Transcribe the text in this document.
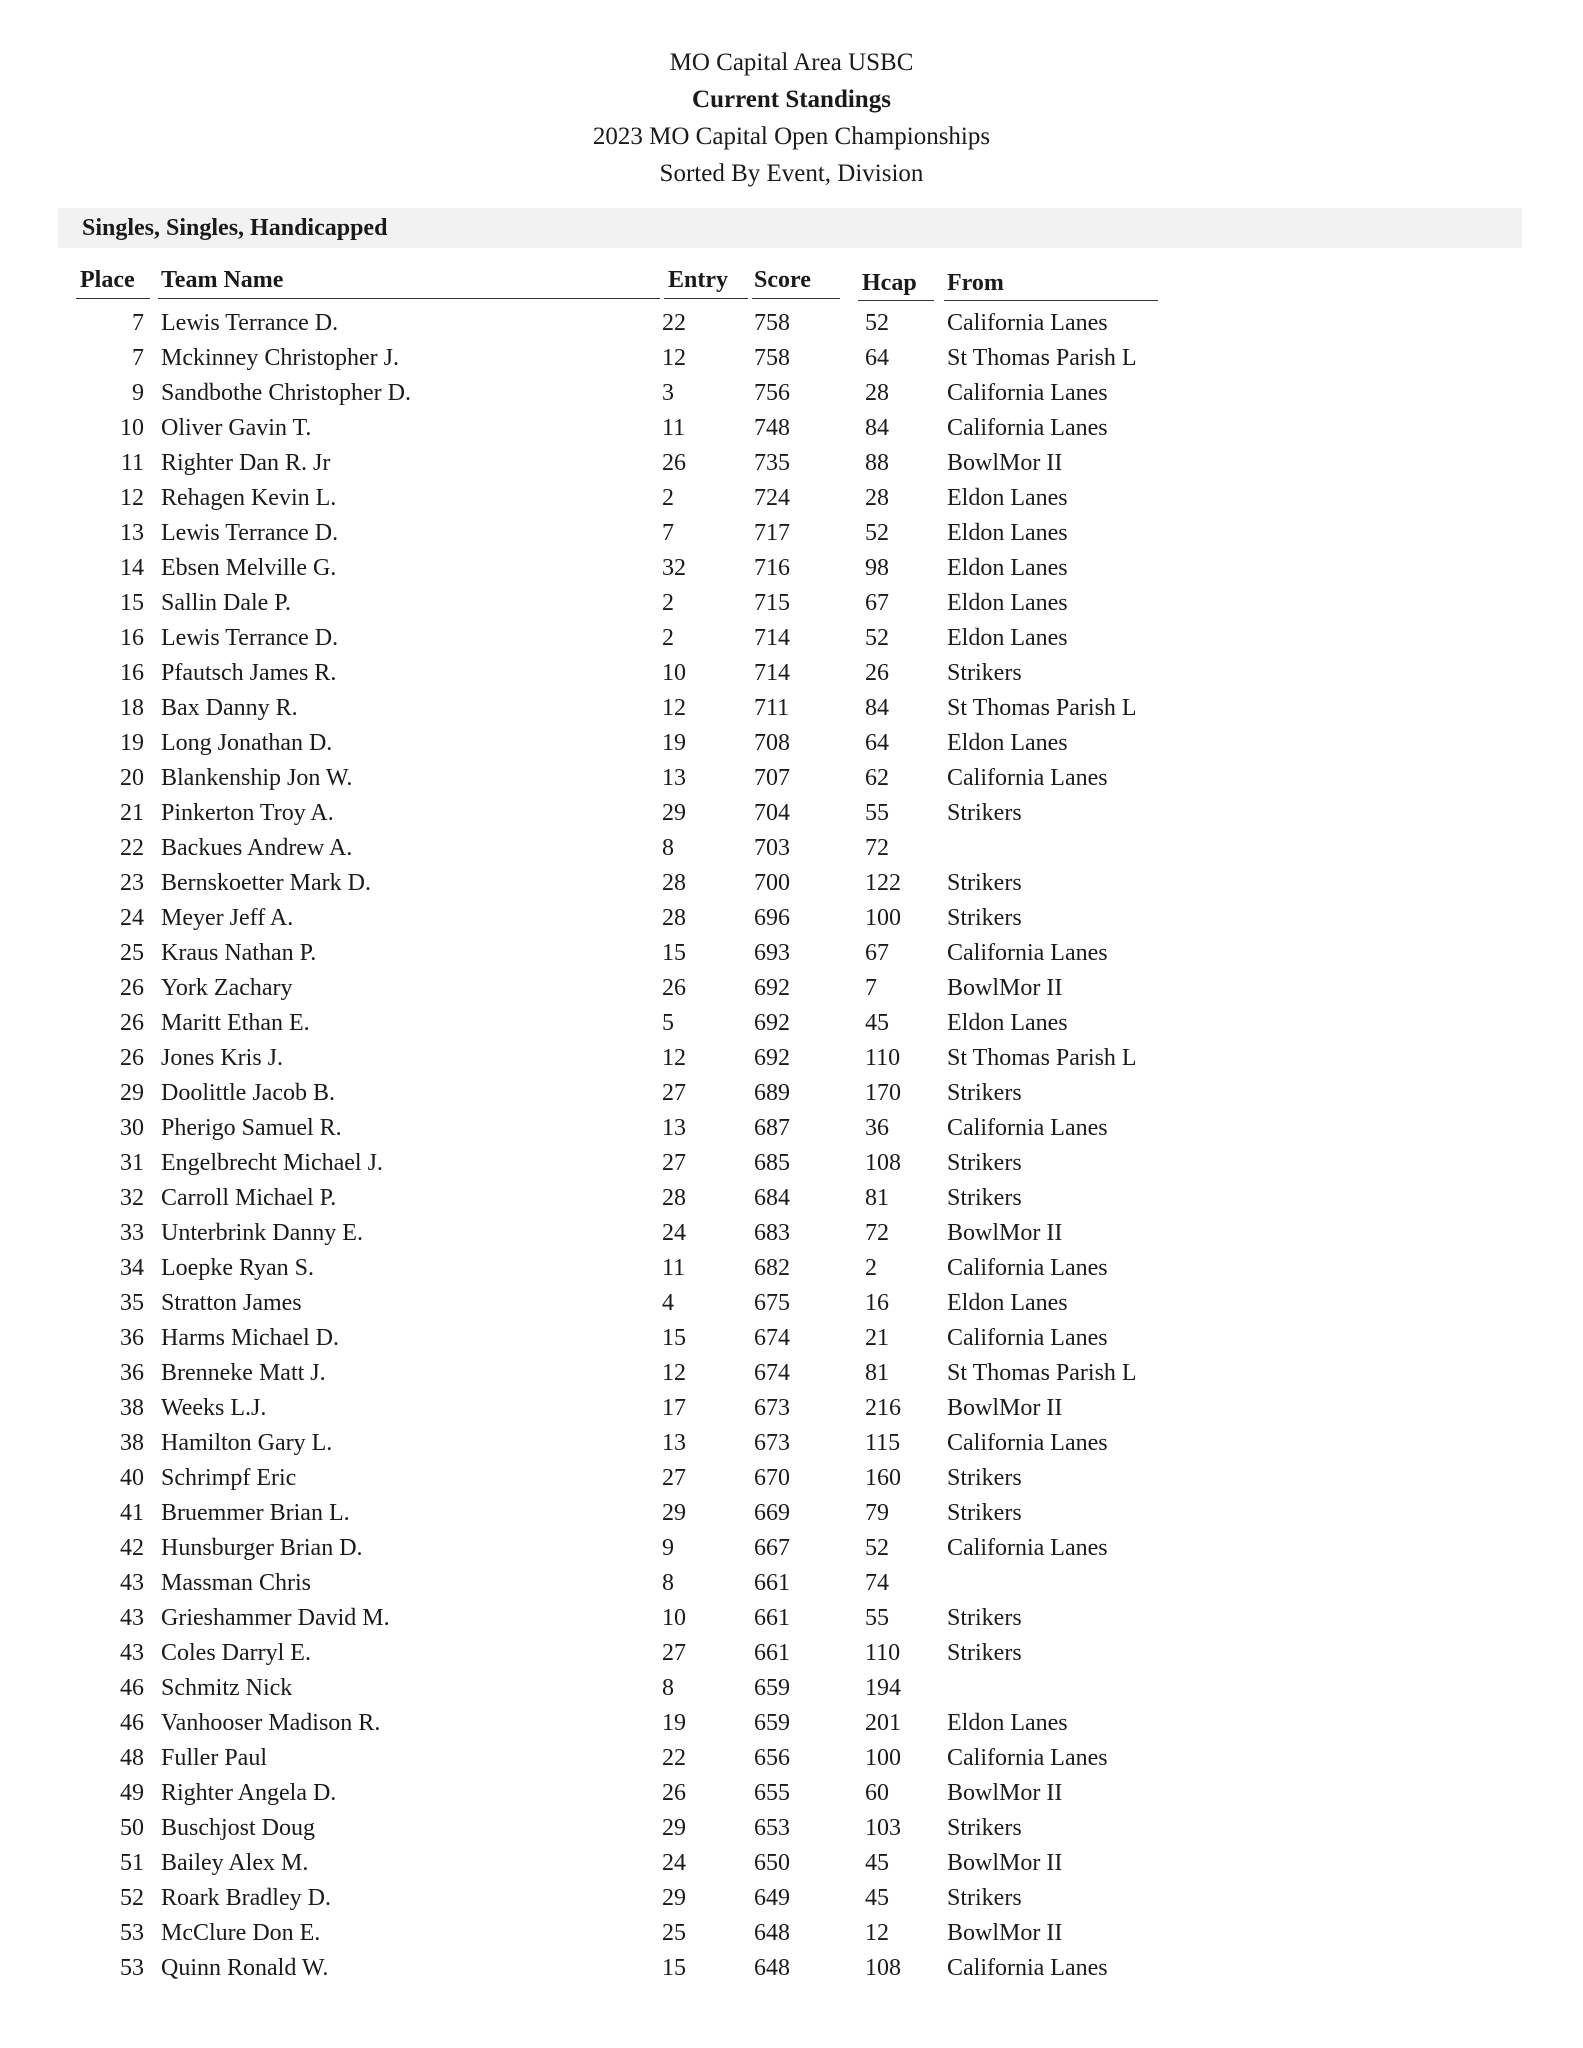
MO Capital Area USBC
Current Standings
2023 MO Capital Open Championships
Sorted By Event, Division
Singles, Singles, Handicapped
Place Team Name	Entry Score Hcap From
7 Lewis Terrance D.	22	758	52 California Lanes
7 Mckinney Christopher J.	12	758	64 St Thomas Parish L
9 Sandbothe Christopher D.	3	756	28 California Lanes
10 Oliver Gavin T.	11	748	84 California Lanes
11 Righter Dan R. Jr	26	735	88 BowlMor II
12 Rehagen Kevin L.	2	724	28 Eldon Lanes
13 Lewis Terrance D.	7	717	52 Eldon Lanes
14 Ebsen Melville G.	32	716	98 Eldon Lanes
15 Sallin Dale P.	2	715	67 Eldon Lanes
16 Lewis Terrance D.	2	714	52 Eldon Lanes
16 Pfautsch James R.	10	714	26 Strikers
18 Bax Danny R.	12	711	84 St Thomas Parish L
19 Long Jonathan D.	19	708	64 Eldon Lanes
20 Blankenship Jon W.	13	707	62 California Lanes
21 Pinkerton Troy A.	29	704	55 Strikers
22 Backues Andrew A.	8	703	72
23 Bernskoetter Mark D.	28	700	122 Strikers
24 Meyer Jeff A.	28	696	100 Strikers
25 Kraus Nathan P.	15	693	67 California Lanes
26 York Zachary	26	692	7	BowlMor II
26 Maritt Ethan E.	5	692	45 Eldon Lanes
26 Jones Kris J.	12	692	110 St Thomas Parish L
29 Doolittle Jacob B.	27	689	170 Strikers
30 Pherigo Samuel R.	13	687	36 California Lanes
31 Engelbrecht Michael J.	27	685	108 Strikers
32 Carroll Michael P.	28	684	81 Strikers
33 Unterbrink Danny E.	24	683	72 BowlMor II
34 Loepke Ryan S.	11	682	2	California Lanes
35 Stratton James	4	675	16 Eldon Lanes
36 Harms Michael D.	15	674	21 California Lanes
36 Brenneke Matt J.	12	674	81 St Thomas Parish L
38 Weeks L.J.	17	673	216 BowlMor II
38 Hamilton Gary L.	13	673	115 California Lanes
40 Schrimpf Eric	27	670	160 Strikers
41 Bruemmer Brian L.	29	669	79 Strikers
42 Hunsburger Brian D.	9	667	52 California Lanes
43 Massman Chris	8	661	74
43 Grieshammer David M.	10	661	55 Strikers
43 Coles Darryl E.	27	661	110 Strikers
46 Schmitz Nick	8	659	194
46 Vanhooser Madison R.	19	659	201 Eldon Lanes
48 Fuller Paul	22	656	100 California Lanes
49 Righter Angela D.	26	655	60 BowlMor II
50 Buschjost Doug	29	653	103 Strikers
51 Bailey Alex M.	24	650	45 BowlMor II
52 Roark Bradley D.	29	649	45 Strikers
53 McClure Don E.	25	648	12 BowlMor II
53 Quinn Ronald W.	15	648	108 California Lanes
